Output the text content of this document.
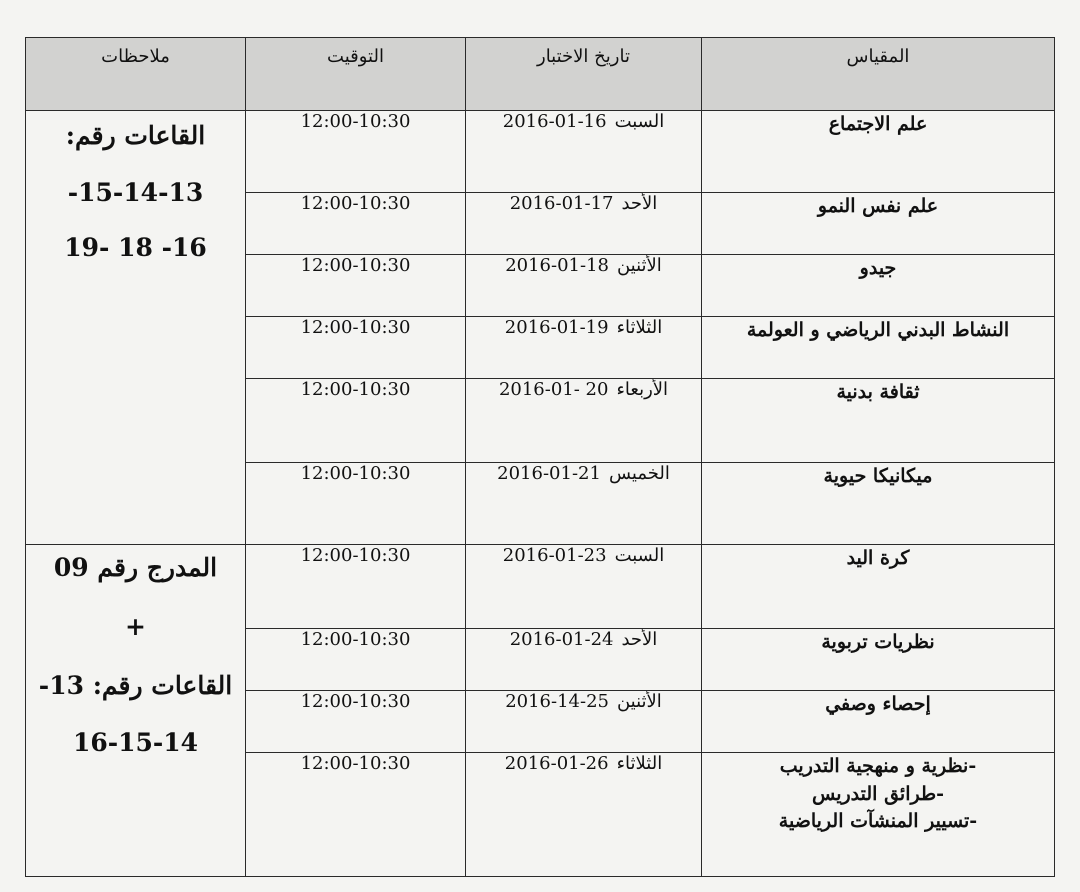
المقياس	تاريخ الاختبار	التوقيت	ملاحظات

علم الاجتماع	السبت2016-01-16	12:00-10:30	القاعات رقم:
-15-14-13
19- 18 -16

علم نفس النمو	الأحد2016-01-17	12:00-10:30	

جيدو	الأثنين2016-01-18	12:00-10:30	

النشاط البدني الرياضي و العولمة	الثلاثاء2016-01-19	12:00-10:30	

ثقافة بدنية	الأربعاء2016-01- 20	12:00-10:30	

ميكانيكا حيوية	الخميس2016-01-21	12:00-10:30	

كرة اليد	السبت2016-01-23	12:00-10:30	المدرج رقم 09
+
القاعات رقم: 13-
16-15-14

نظريات تربوية	الأحد2016-01-24	12:00-10:30	

إحصاء وصفي	الأثنين2016-14-25	12:00-10:30	

-نظرية و منهجية التدريب
-طرائق التدريس
-تسيير المنشآت الرياضية	الثلاثاء2016-01-26	12:00-10:30	
